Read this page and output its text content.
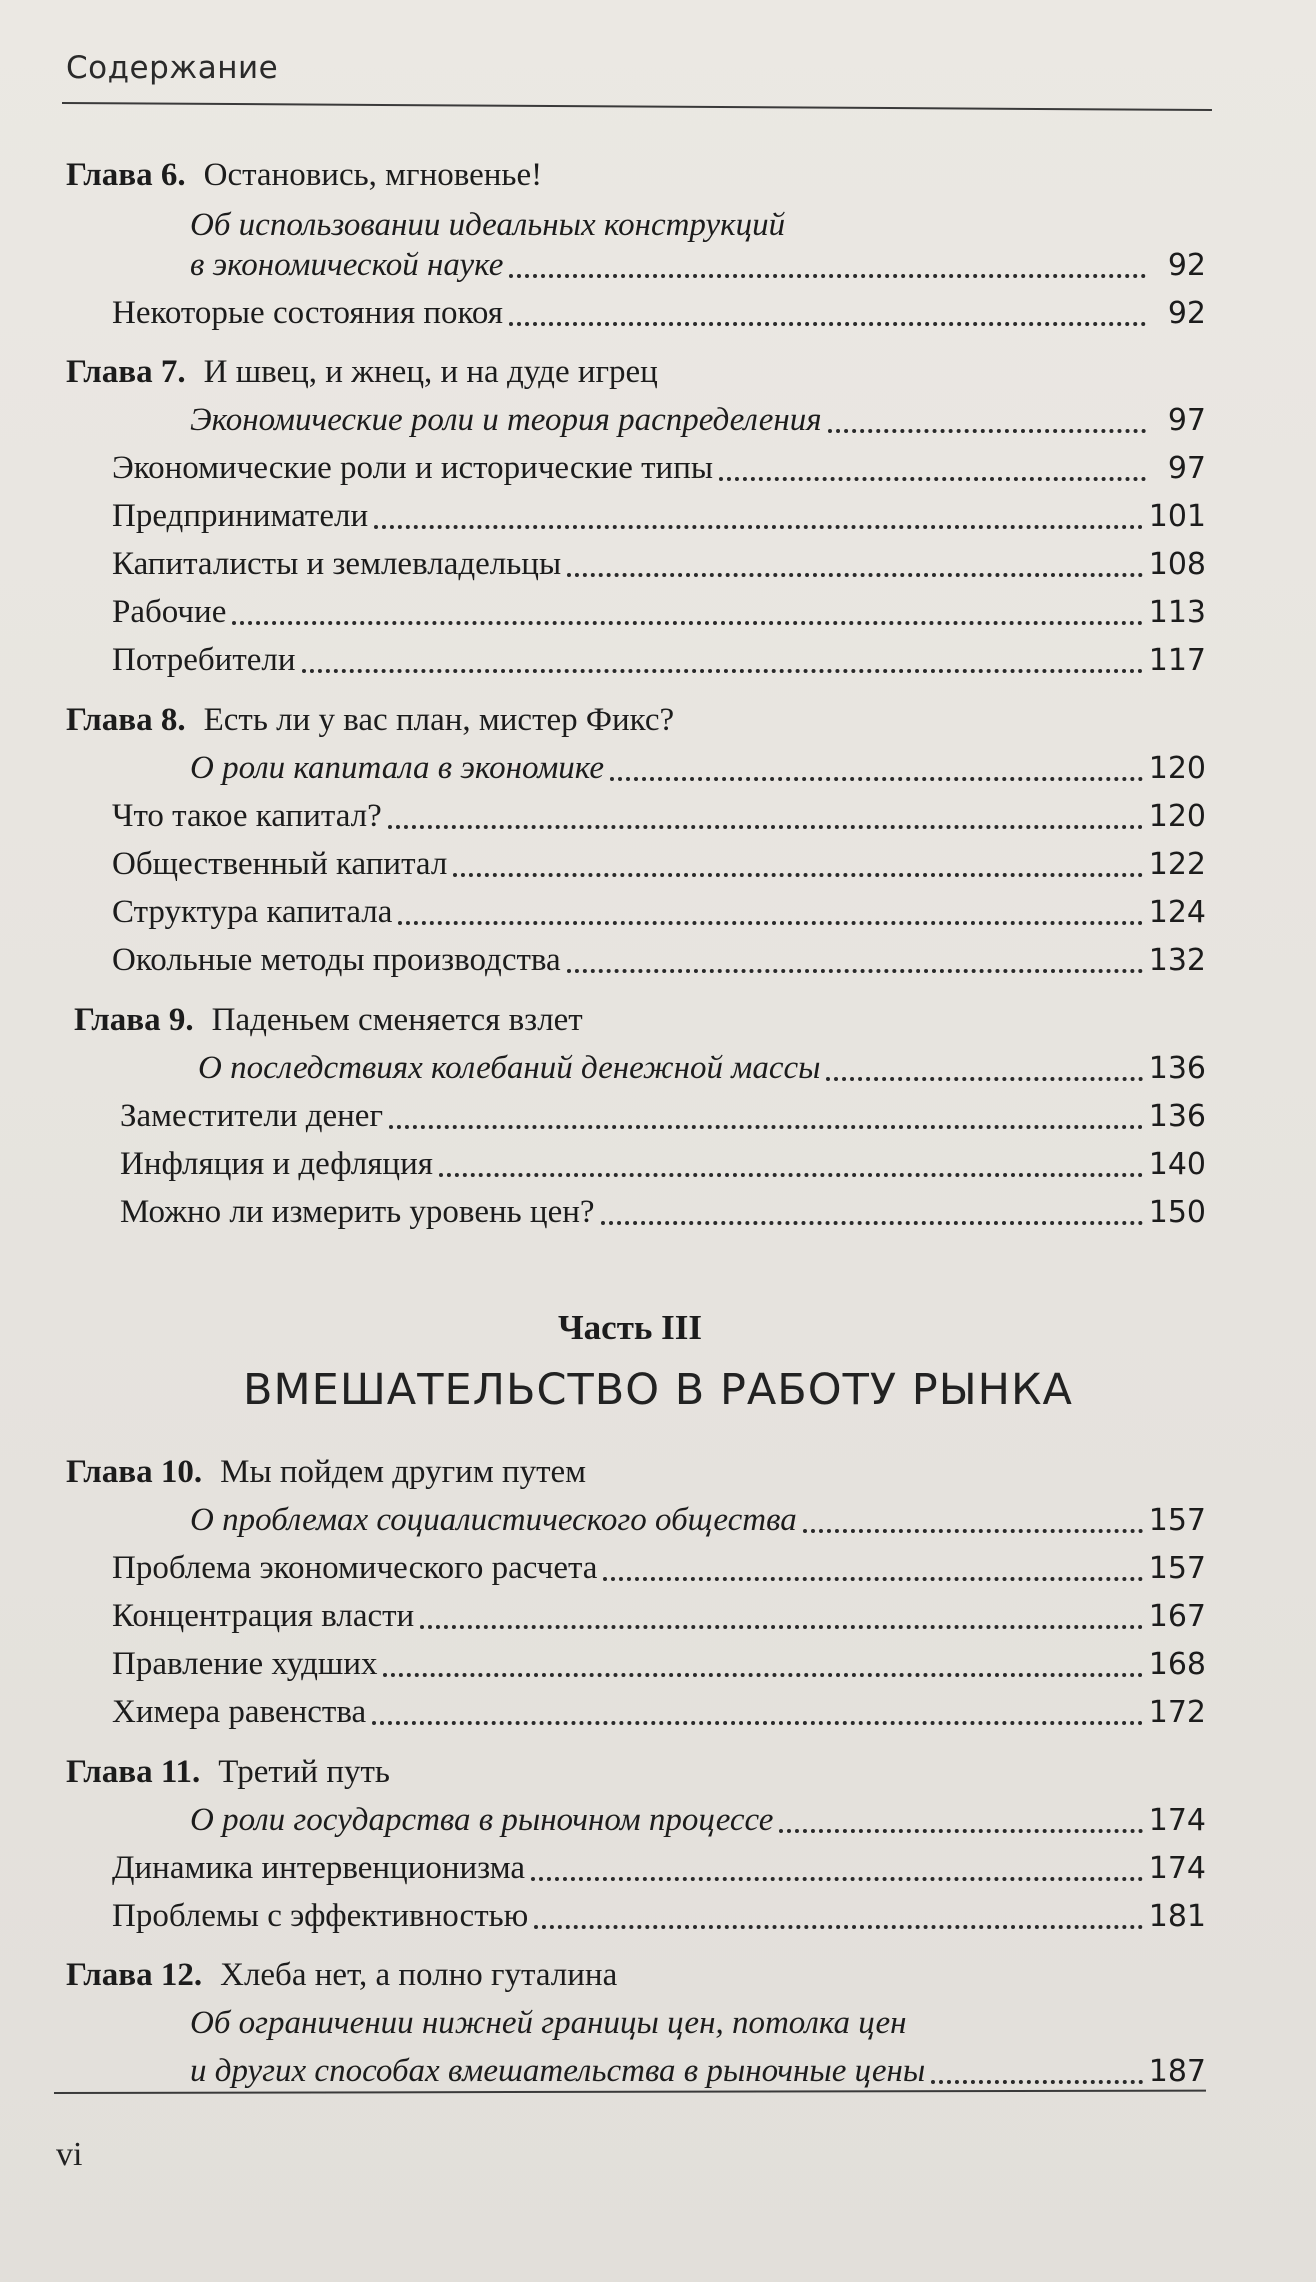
Содержание
Глава 6. Остановись, мгновенье!
Об использовании идеальных конструкций
в экономической науке	92
Некоторые состояния покоя	92
Глава 7. И швец, и жнец, и на дуде игрец
Экономические роли и теория распределения	97
Экономические роли и исторические типы	97
Предприниматели	101
Капиталисты и землевладельцы	108
Рабочие	113
Потребители	117
Глава 8. Есть ли у вас план, мистер Фикс?
О роли капитала в экономике	120
Что такое капитал?	120
Общественный капитал	122
Структура капитала	124
Окольные методы производства	132
Глава 9. Паденьем сменяется взлет
О последствиях колебаний денежной массы	136
Заместители денег	136
Инфляция и дефляция	140
Можно ли измерить уровень цен?	150
Глава 10. Мы пойдем другим путем
О проблемах социалистического общества	157
Проблема экономического расчета	157
Концентрация власти	167
Правление худших	168
Химера равенства	172
Глава 11. Третий путь
О роли государства в рыночном процессе	174
Динамика интервенционизма	174
Проблемы с эффективностью	181
Глава 12. Хлеба нет, а полно гуталина
Об ограничении нижней границы цен, потолка цен
и других способах вмешательства в рыночные цены	187
Часть III
ВМЕШАТЕЛЬСТВО В РАБОТУ РЫНКА
vi
